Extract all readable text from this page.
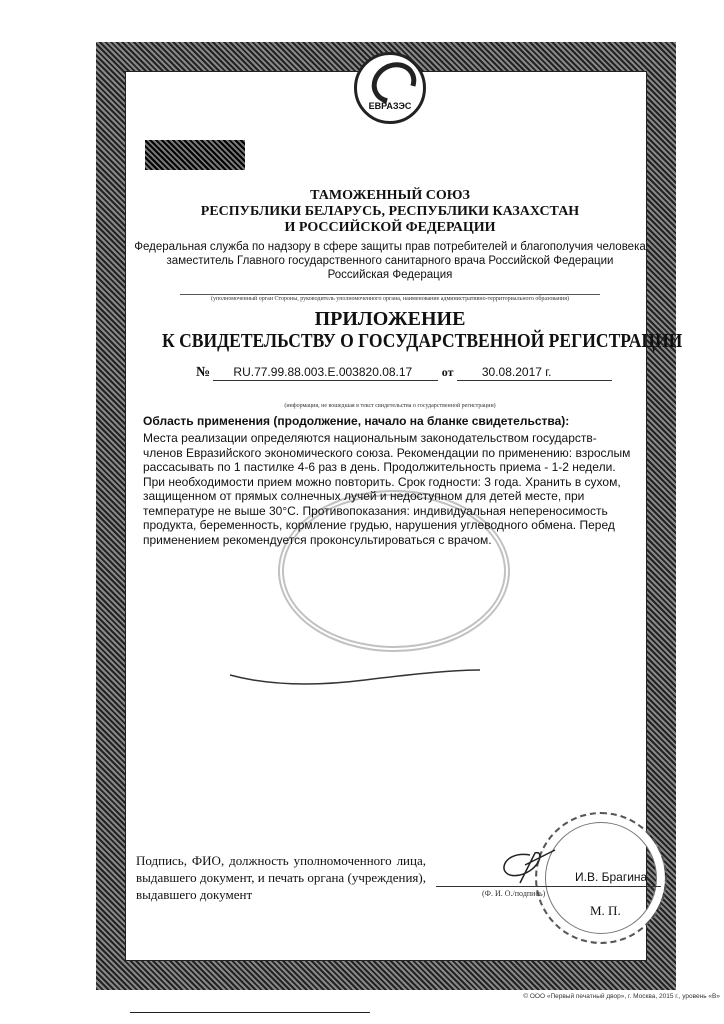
ЕВРАЗЭС
ТАМОЖЕННЫЙ СОЮЗ
РЕСПУБЛИКИ БЕЛАРУСЬ, РЕСПУБЛИКИ КАЗАХСТАН
И РОССИЙСКОЙ ФЕДЕРАЦИИ
Федеральная служба по надзору в сфере защиты прав потребителей и благополучия человека
заместитель Главного государственного санитарного врача Российской Федерации
Российская Федерация
(уполномоченный орган Стороны, руководитель уполномоченного органа, наименование административно-территориального образования)
ПРИЛОЖЕНИЕ
К СВИДЕТЕЛЬСТВУ О ГОСУДАРСТВЕННОЙ РЕГИСТРАЦИИ
№ RU.77.99.88.003.E.003820.08.17 от 30.08.2017 г.
(информация, не вошедшая в текст свидетельства о государственной регистрации)
Область применения (продолжение, начало на бланке свидетельства):
Места реализации определяются национальным законодательством государств-членов Евразийского экономического союза. Рекомендации по применению: взрослым рассасывать по 1 пастилке 4-6 раз в день. Продолжительность приема - 1-2 недели. При необходимости прием можно повторить. Срок годности: 3 года. Хранить в сухом, защищенном от прямых солнечных лучей и недоступном для детей месте, при температуре не выше 30°С. Противопоказания: индивидуальная непереносимость продукта, беременность, кормление грудью, нарушения углеводного обмена. Перед применением рекомендуется проконсультироваться с врачом.
Подпись, ФИО, должность уполномоченного лица, выдавшего документ, и печать органа (учреждения), выдавшего документ
И.В. Брагина
(Ф. И. О./подпись)
М. П.
© ООО «Первый печатный двор», г. Москва, 2015 г., уровень «В»
